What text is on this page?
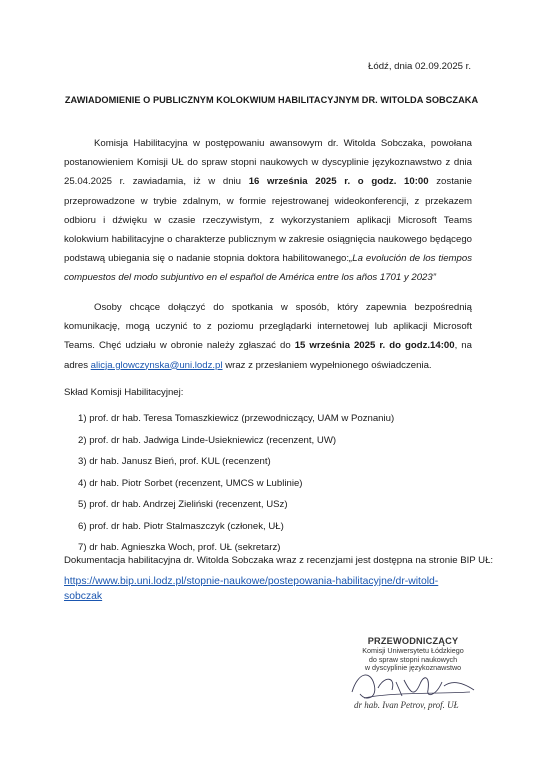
Łódź, dnia 02.09.2025 r.
ZAWIADOMIENIE O PUBLICZNYM KOLOKWIUM HABILITACYJNYM DR. WITOLDA SOBCZAKA
Komisja Habilitacyjna w postępowaniu awansowym dr. Witolda Sobczaka, powołana postanowieniem Komisji UŁ do spraw stopni naukowych w dyscyplinie językoznawstwo z dnia 25.04.2025 r. zawiadamia, iż w dniu 16 września 2025 r. o godz. 10:00 zostanie przeprowadzone w trybie zdalnym, w formie rejestrowanej wideokonferencji, z przekazem odbioru i dźwięku w czasie rzeczywistym, z wykorzystaniem aplikacji Microsoft Teams kolokwium habilitacyjne o charakterze publicznym w zakresie osiągnięcia naukowego będącego podstawą ubiegania się o nadanie stopnia doktora habilitowanego:„La evolución de los tiempos compuestos del modo subjuntivo en el español de América entre los años 1701 y 2023”
Osoby chcące dołączyć do spotkania w sposób, który zapewnia bezpośrednią komunikację, mogą uczynić to z poziomu przeglądarki internetowej lub aplikacji Microsoft Teams. Chęć udziału w obronie należy zgłaszać do 15 września 2025 r. do godz.14:00, na adres alicja.glowczynska@uni.lodz.pl wraz z przesłaniem wypełnionego oświadczenia.
Skład Komisji Habilitacyjnej:
1) prof. dr hab. Teresa Tomaszkiewicz (przewodniczący, UAM w Poznaniu)
2) prof. dr hab. Jadwiga Linde-Usiekniewicz (recenzent, UW)
3) dr hab. Janusz Bień, prof. KUL (recenzent)
4) dr hab. Piotr Sorbet (recenzent, UMCS w Lublinie)
5) prof. dr hab. Andrzej Zieliński (recenzent, USz)
6) prof. dr hab. Piotr Stalmaszczyk (członek, UŁ)
7) dr hab. Agnieszka Woch, prof. UŁ (sekretarz)
Dokumentacja habilitacyjna dr. Witolda Sobczaka wraz z recenzjami jest dostępna na stronie BIP UŁ:
https://www.bip.uni.lodz.pl/stopnie-naukowe/postepowania-habilitacyjne/dr-witold-sobczak
PRZEWODNICZĄCY
Komisji Uniwersytetu Łódzkiego
do spraw stopni naukowych
w dyscyplinie językoznawstwo
dr hab. Ivan Petrov, prof. UŁ
